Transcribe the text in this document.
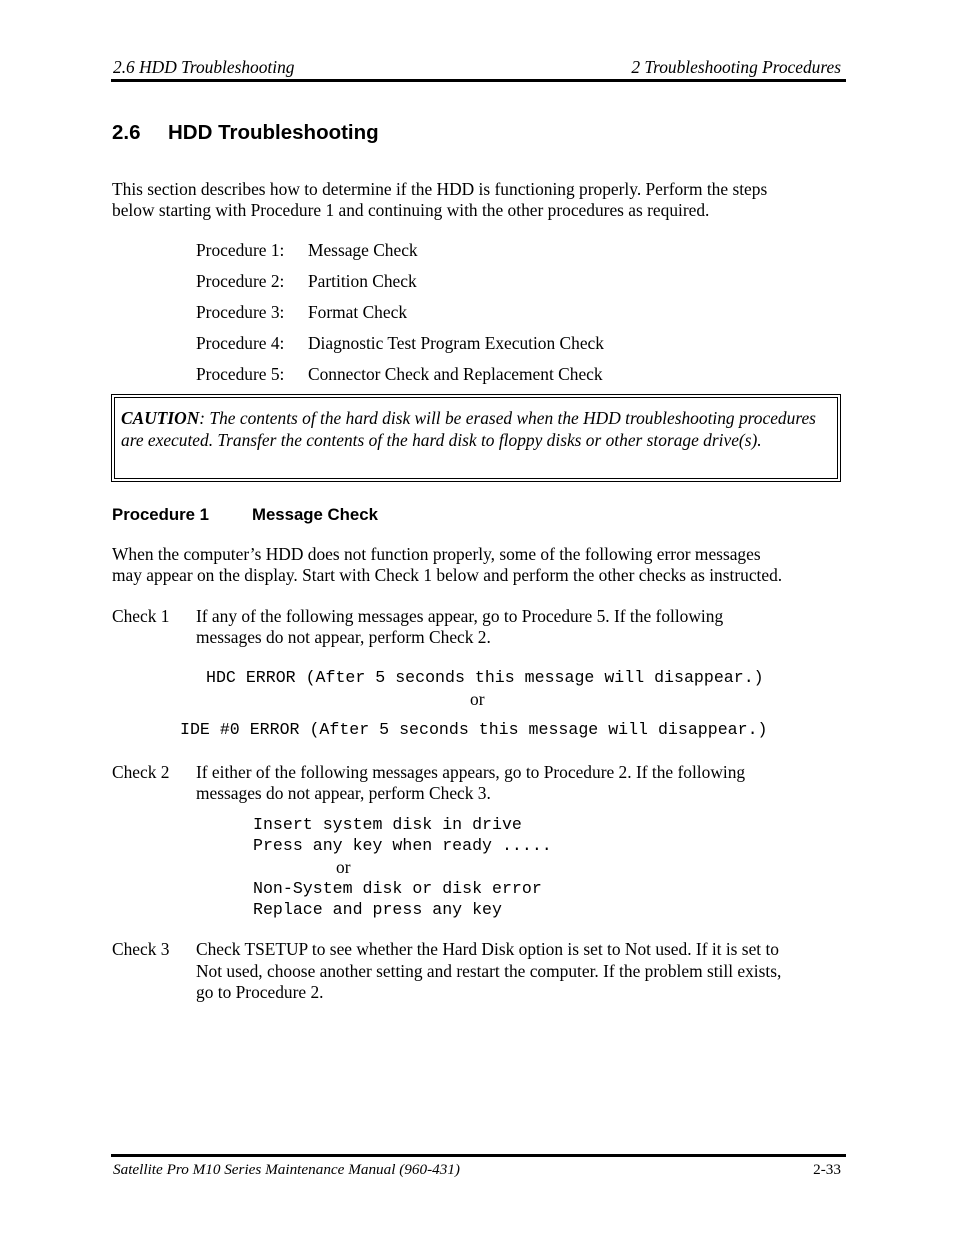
2.6 HDD Troubleshooting	2 Troubleshooting Procedures
2.6 HDD Troubleshooting
This section describes how to determine if the HDD is functioning properly. Perform the steps
below starting with Procedure 1 and continuing with the other procedures as required.
Procedure 1: Message Check
Procedure 2: Partition Check
Procedure 3: Format Check
Procedure 4: Diagnostic Test Program Execution Check
Procedure 5: Connector Check and Replacement Check
CAUTION: The contents of the hard disk will be erased when the HDD troubleshooting procedures are executed. Transfer the contents of the hard disk to floppy disks or other storage drive(s).
Procedure 1	Message Check
When the computer’s HDD does not function properly, some of the following error messages
may appear on the display. Start with Check 1 below and perform the other checks as instructed.
Check 1 If any of the following messages appear, go to Procedure 5. If the following
messages do not appear, perform Check 2.
HDC ERROR (After 5 seconds this message will disappear.)
or
IDE #0 ERROR (After 5 seconds this message will disappear.)
Check 2 If either of the following messages appears, go to Procedure 2. If the following
messages do not appear, perform Check 3.
Insert system disk in drive
Press any key when ready .....
or
Non-System disk or disk error
Replace and press any key
Check 3 Check TSETUP to see whether the Hard Disk option is set to Not used. If it is set to
Not used, choose another setting and restart the computer. If the problem still exists,
go to Procedure 2.
Satellite Pro M10 Series Maintenance Manual (960-431)	2-33
